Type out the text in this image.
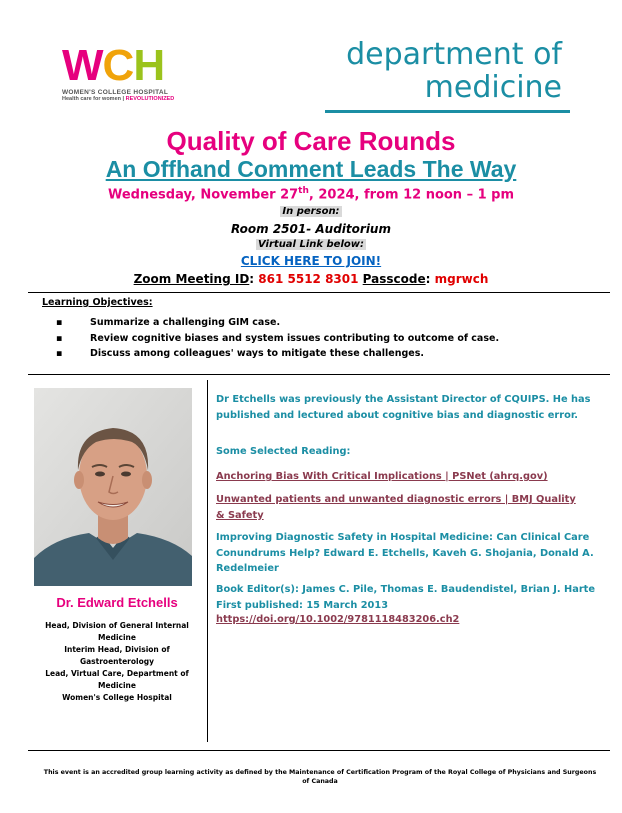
WCH
WOMEN'S COLLEGE HOSPITAL
Health care for women | REVOLUTIONIZED
department of
medicine
Quality of Care Rounds
An Offhand Comment Leads The Way
Wednesday, November 27th, 2024, from 12 noon – 1 pm
In person:
Room 2501- Auditorium
Virtual Link below:
CLICK HERE TO JOIN!
Zoom Meeting ID: 861 5512 8301 Passcode: mgrwch
Learning Objectives:
▪	Summarize a challenging GIM case.
▪	Review cognitive biases and system issues contributing to outcome of case.
▪	Discuss among colleagues' ways to mitigate these challenges.
Dr. Edward Etchells
Head, Division of General Internal Medicine
Interim Head, Division of Gastroenterology
Lead, Virtual Care, Department of Medicine
Women's College Hospital
Dr Etchells was previously the Assistant Director of CQUIPS. He has published and lectured about cognitive bias and diagnostic error.
Some Selected Reading:
Anchoring Bias With Critical Implications | PSNet (ahrq.gov)
Unwanted patients and unwanted diagnostic errors | BMJ Quality & Safety
Improving Diagnostic Safety in Hospital Medicine: Can Clinical Care Conundrums Help? Edward E. Etchells, Kaveh G. Shojania, Donald A. Redelmeier
Book Editor(s): James C. Pile, Thomas E. Baudendistel, Brian J. Harte First published: 15 March 2013
https://doi.org/10.1002/9781118483206.ch2
This event is an accredited group learning activity as defined by the Maintenance of Certification Program of the Royal College of Physicians and Surgeons of Canada
